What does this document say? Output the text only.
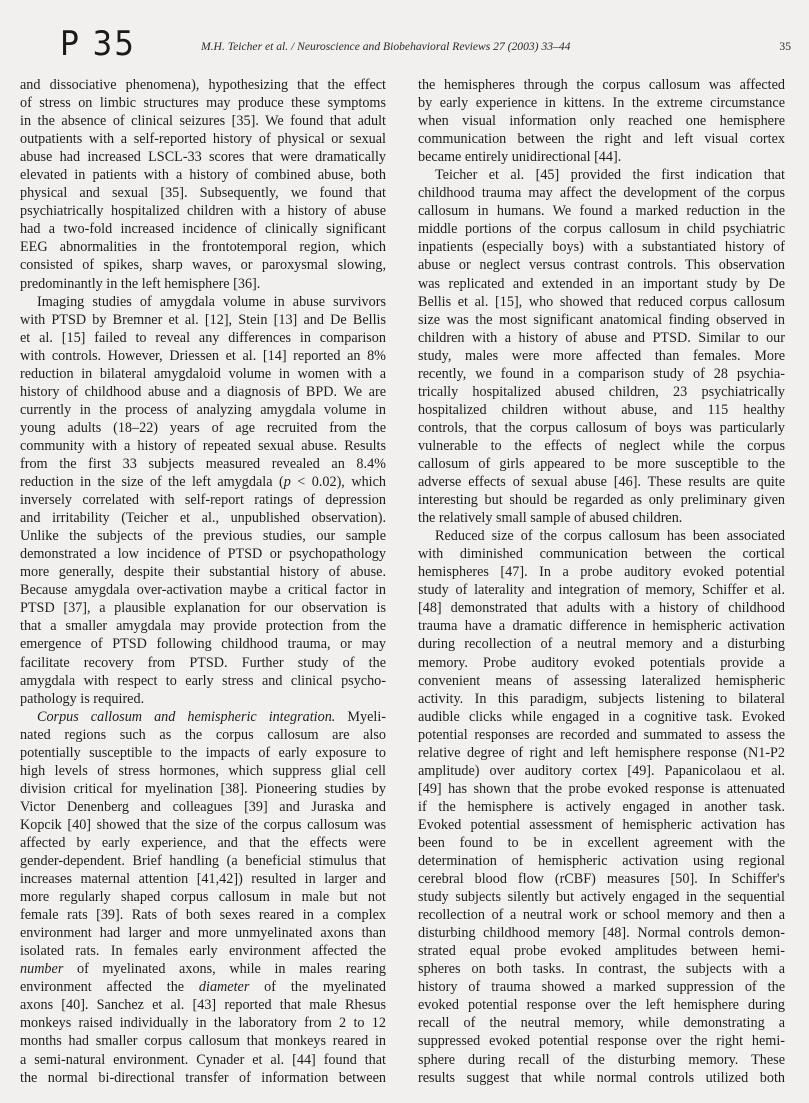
P 35	M.H. Teicher et al. / Neuroscience and Biobehavioral Reviews 27 (2003) 33–44	35
and dissociative phenomena), hypothesizing that the effect
of stress on limbic structures may produce these symptoms
in the absence of clinical seizures [35]. We found that adult
outpatients with a self-reported history of physical or sexual
abuse had increased LSCL-33 scores that were dramatically
elevated in patients with a history of combined abuse, both
physical and sexual [35]. Subsequently, we found that
psychiatrically hospitalized children with a history of abuse
had a two-fold increased incidence of clinically significant
EEG abnormalities in the frontotemporal region, which
consisted of spikes, sharp waves, or paroxysmal slowing,
predominantly in the left hemisphere [36].
Imaging studies of amygdala volume in abuse survivors
with PTSD by Bremner et al. [12], Stein [13] and De Bellis
et al. [15] failed to reveal any differences in comparison
with controls. However, Driessen et al. [14] reported an 8%
reduction in bilateral amygdaloid volume in women with a
history of childhood abuse and a diagnosis of BPD. We are
currently in the process of analyzing amygdala volume in
young adults (18–22) years of age recruited from the
community with a history of repeated sexual abuse. Results
from the first 33 subjects measured revealed an 8.4%
reduction in the size of the left amygdala (p < 0.02), which
inversely correlated with self-report ratings of depression
and irritability (Teicher et al., unpublished observation).
Unlike the subjects of the previous studies, our sample
demonstrated a low incidence of PTSD or psychopathology
more generally, despite their substantial history of abuse.
Because amygdala over-activation maybe a critical factor in
PTSD [37], a plausible explanation for our observation is
that a smaller amygdala may provide protection from the
emergence of PTSD following childhood trauma, or may
facilitate recovery from PTSD. Further study of the
amygdala with respect to early stress and clinical psycho-
pathology is required.
Corpus callosum and hemispheric integration. Myeli-
nated regions such as the corpus callosum are also
potentially susceptible to the impacts of early exposure to
high levels of stress hormones, which suppress glial cell
division critical for myelination [38]. Pioneering studies by
Victor Denenberg and colleagues [39] and Juraska and
Kopcik [40] showed that the size of the corpus callosum was
affected by early experience, and that the effects were
gender-dependent. Brief handling (a beneficial stimulus that
increases maternal attention [41,42]) resulted in larger and
more regularly shaped corpus callosum in male but not
female rats [39]. Rats of both sexes reared in a complex
environment had larger and more unmyelinated axons than
isolated rats. In females early environment affected the
number of myelinated axons, while in males rearing
environment affected the diameter of the myelinated
axons [40]. Sanchez et al. [43] reported that male Rhesus
monkeys raised individually in the laboratory from 2 to 12
months had smaller corpus callosum that monkeys reared in
a semi-natural environment. Cynader et al. [44] found that
the normal bi-directional transfer of information between
the hemispheres through the corpus callosum was affected
by early experience in kittens. In the extreme circumstance
when visual information only reached one hemisphere
communication between the right and left visual cortex
became entirely unidirectional [44].
Teicher et al. [45] provided the first indication that
childhood trauma may affect the development of the corpus
callosum in humans. We found a marked reduction in the
middle portions of the corpus callosum in child psychiatric
inpatients (especially boys) with a substantiated history of
abuse or neglect versus contrast controls. This observation
was replicated and extended in an important study by De
Bellis et al. [15], who showed that reduced corpus callosum
size was the most significant anatomical finding observed in
children with a history of abuse and PTSD. Similar to our
study, males were more affected than females. More
recently, we found in a comparison study of 28 psychia-
trically hospitalized abused children, 23 psychiatrically
hospitalized children without abuse, and 115 healthy
controls, that the corpus callosum of boys was particularly
vulnerable to the effects of neglect while the corpus
callosum of girls appeared to be more susceptible to the
adverse effects of sexual abuse [46]. These results are quite
interesting but should be regarded as only preliminary given
the relatively small sample of abused children.
Reduced size of the corpus callosum has been associated
with diminished communication between the cortical
hemispheres [47]. In a probe auditory evoked potential
study of laterality and integration of memory, Schiffer et al.
[48] demonstrated that adults with a history of childhood
trauma have a dramatic difference in hemispheric activation
during recollection of a neutral memory and a disturbing
memory. Probe auditory evoked potentials provide a
convenient means of assessing lateralized hemispheric
activity. In this paradigm, subjects listening to bilateral
audible clicks while engaged in a cognitive task. Evoked
potential responses are recorded and summated to assess the
relative degree of right and left hemisphere response (N1-P2
amplitude) over auditory cortex [49]. Papanicolaou et al.
[49] has shown that the probe evoked response is attenuated
if the hemisphere is actively engaged in another task.
Evoked potential assessment of hemispheric activation has
been found to be in excellent agreement with the
determination of hemispheric activation using regional
cerebral blood flow (rCBF) measures [50]. In Schiffer's
study subjects silently but actively engaged in the sequential
recollection of a neutral work or school memory and then a
disturbing childhood memory [48]. Normal controls demon-
strated equal probe evoked amplitudes between hemi-
spheres on both tasks. In contrast, the subjects with a
history of trauma showed a marked suppression of the
evoked potential response over the left hemisphere during
recall of the neutral memory, while demonstrating a
suppressed evoked potential response over the right hemi-
sphere during recall of the disturbing memory. These
results suggest that while normal controls utilized both
